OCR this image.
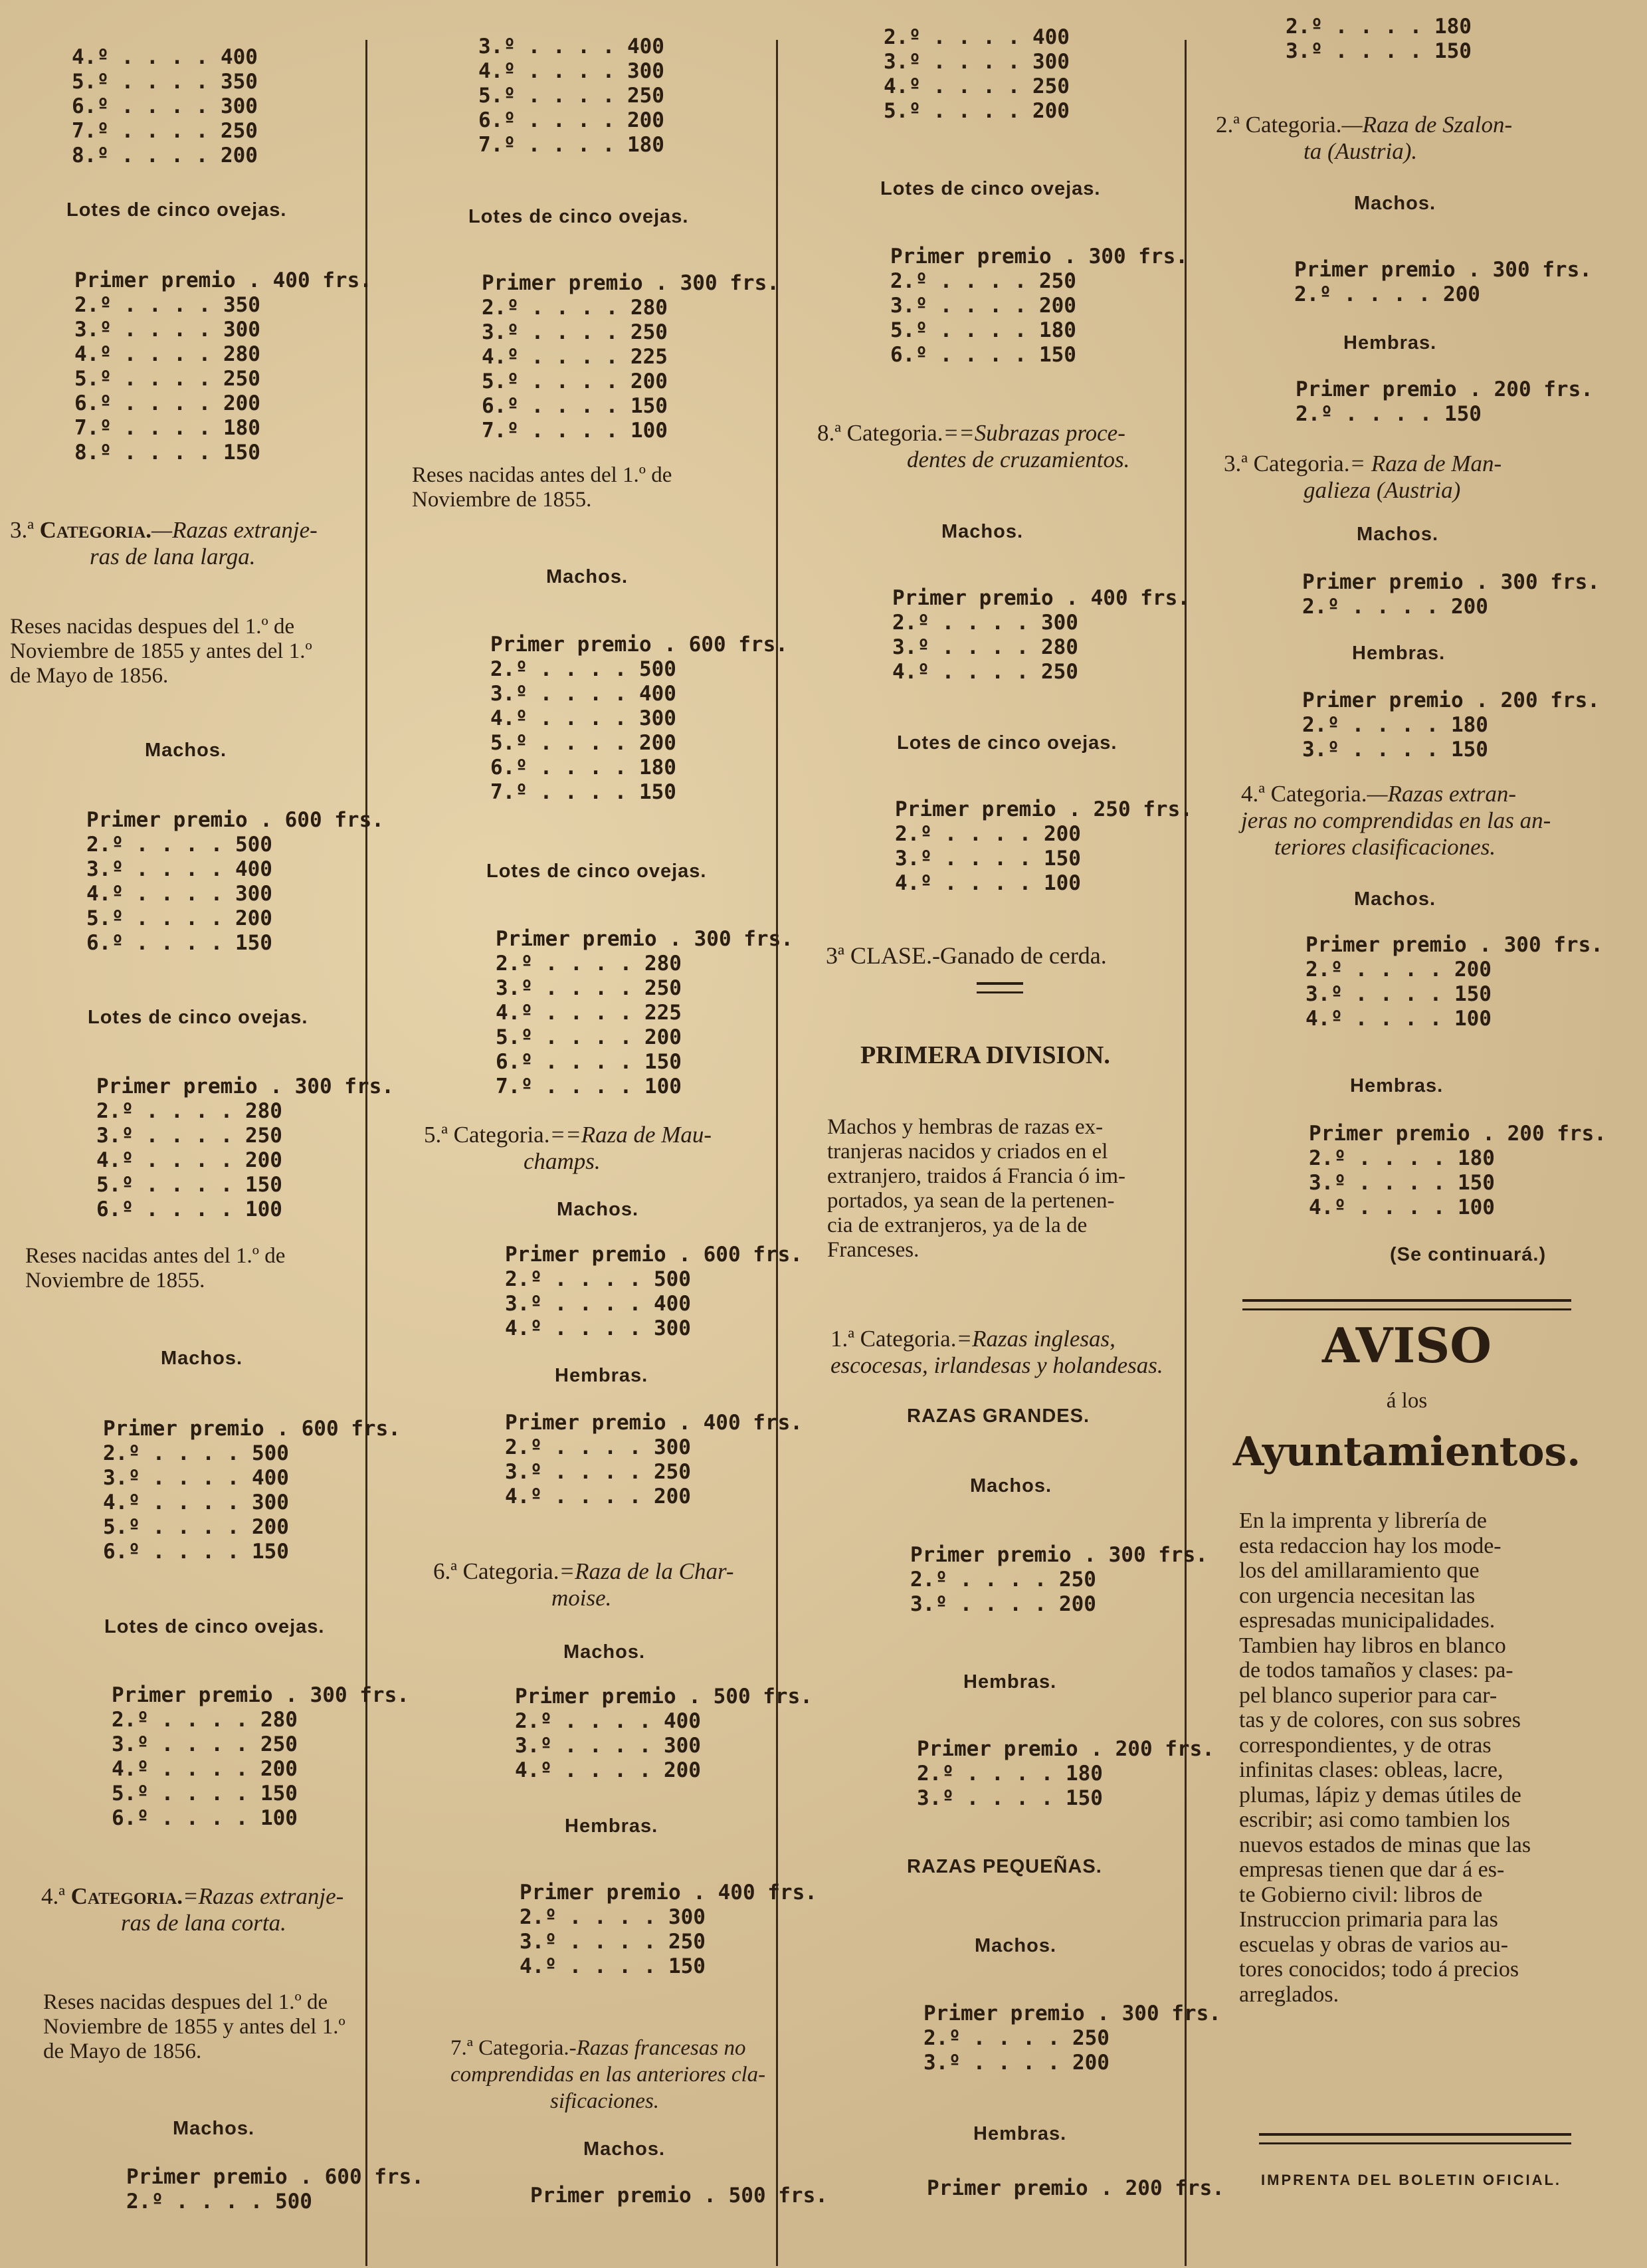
4.º . . . . 400
5.º . . . . 350
6.º . . . . 300
7.º . . . . 250
8.º . . . . 200
Lotes de cinco ovejas.
Primer premio . 400 frs.
2.º . . . . 350
3.º . . . . 300
4.º . . . . 280
5.º . . . . 250
6.º . . . . 200
7.º . . . . 180
8.º . . . . 150
3.ª Categoria.—Razas extranje-
ras de lana larga.
Reses nacidas despues del 1.º de
Noviembre de 1855 y antes del 1.º
de Mayo de 1856.
Machos.
Primer premio . 600 frs.
2.º . . . . 500
3.º . . . . 400
4.º . . . . 300
5.º . . . . 200
6.º . . . . 150
Lotes de cinco ovejas.
Primer premio . 300 frs.
2.º . . . . 280
3.º . . . . 250
4.º . . . . 200
5.º . . . . 150
6.º . . . . 100
Reses nacidas antes del 1.º de
Noviembre de 1855.
Machos.
Primer premio . 600 frs.
2.º . . . . 500
3.º . . . . 400
4.º . . . . 300
5.º . . . . 200
6.º . . . . 150
Lotes de cinco ovejas.
Primer premio . 300 frs.
2.º . . . . 280
3.º . . . . 250
4.º . . . . 200
5.º . . . . 150
6.º . . . . 100
4.ª Categoria.=Razas extranje-
ras de lana corta.
Reses nacidas despues del 1.º de
Noviembre de 1855 y antes del 1.º
de Mayo de 1856.
Machos.
Primer premio . 600 frs.
2.º . . . . 500
3.º . . . . 400
4.º . . . . 300
5.º . . . . 250
6.º . . . . 200
7.º . . . . 180
Lotes de cinco ovejas.
Primer premio . 300 frs.
2.º . . . . 280
3.º . . . . 250
4.º . . . . 225
5.º . . . . 200
6.º . . . . 150
7.º . . . . 100
Reses nacidas antes del 1.º de
Noviembre de 1855.
Machos.
Primer premio . 600 frs.
2.º . . . . 500
3.º . . . . 400
4.º . . . . 300
5.º . . . . 200
6.º . . . . 180
7.º . . . . 150
Lotes de cinco ovejas.
Primer premio . 300 frs.
2.º . . . . 280
3.º . . . . 250
4.º . . . . 225
5.º . . . . 200
6.º . . . . 150
7.º . . . . 100
5.ª Categoria.==Raza de Mau-
champs.
Machos.
Primer premio . 600 frs.
2.º . . . . 500
3.º . . . . 400
4.º . . . . 300
Hembras.
Primer premio . 400 frs.
2.º . . . . 300
3.º . . . . 250
4.º . . . . 200
6.ª Categoria.=Raza de la Char-
moise.
Machos.
Primer premio . 500 frs.
2.º . . . . 400
3.º . . . . 300
4.º . . . . 200
Hembras.
Primer premio . 400 frs.
2.º . . . . 300
3.º . . . . 250
4.º . . . . 150
7.ª Categoria.-Razas francesas no
comprendidas en las anteriores cla-
sificaciones.
Machos.
Primer premio . 500 frs.
2.º . . . . 400
3.º . . . . 300
4.º . . . . 250
5.º . . . . 200
Lotes de cinco ovejas.
Primer premio . 300 frs.
2.º . . . . 250
3.º . . . . 200
5.º . . . . 180
6.º . . . . 150
8.ª Categoria.==Subrazas proce-
dentes de cruzamientos.
Machos.
Primer premio . 400 frs.
2.º . . . . 300
3.º . . . . 280
4.º . . . . 250
Lotes de cinco ovejas.
Primer premio . 250 frs.
2.º . . . . 200
3.º . . . . 150
4.º . . . . 100
3ª CLASE.-Ganado de cerda.
PRIMERA DIVISION.
Machos y hembras de razas ex-
tranjeras nacidos y criados en el
extranjero, traidos á Francia ó im-
portados, ya sean de la pertenen-
cia de extranjeros, ya de la de
Franceses.
1.ª Categoria.=Razas inglesas,
escocesas, irlandesas y holandesas.
RAZAS GRANDES.
Machos.
Primer premio . 300 frs.
2.º . . . . 250
3.º . . . . 200
Hembras.
Primer premio . 200 frs.
2.º . . . . 180
3.º . . . . 150
RAZAS PEQUEÑAS.
Machos.
Primer premio . 300 frs.
2.º . . . . 250
3.º . . . . 200
Hembras.
Primer premio . 200 frs.
2.º . . . . 180
3.º . . . . 150
2.ª Categoria.—Raza de Szalon-
ta (Austria).
Machos.
Primer premio . 300 frs.
2.º . . . . 200
Hembras.
Primer premio . 200 frs.
2.º . . . . 150
3.ª Categoria.= Raza de Man-
galieza (Austria)
Machos.
Primer premio . 300 frs.
2.º . . . . 200
Hembras.
Primer premio . 200 frs.
2.º . . . . 180
3.º . . . . 150
4.ª Categoria.—Razas extran-
jeras no comprendidas en las an-
teriores clasificaciones.
Machos.
Primer premio . 300 frs.
2.º . . . . 200
3.º . . . . 150
4.º . . . . 100
Hembras.
Primer premio . 200 frs.
2.º . . . . 180
3.º . . . . 150
4.º . . . . 100
(Se continuará.)
AVISO
á los
Ayuntamientos.
En la imprenta y librería de
esta redaccion hay los mode-
los del amillaramiento que
con urgencia necesitan las
espresadas municipalidades.
Tambien hay libros en blanco
de todos tamaños y clases: pa-
pel blanco superior para car-
tas y de colores, con sus sobres
correspondientes, y de otras
infinitas clases: obleas, lacre,
plumas, lápiz y demas útiles de
escribir; asi como tambien los
nuevos estados de minas que las
empresas tienen que dar á es-
te Gobierno civil: libros de
Instruccion primaria para las
escuelas y obras de varios au-
tores conocidos; todo á precios
arreglados.
IMPRENTA DEL BOLETIN OFICIAL.
